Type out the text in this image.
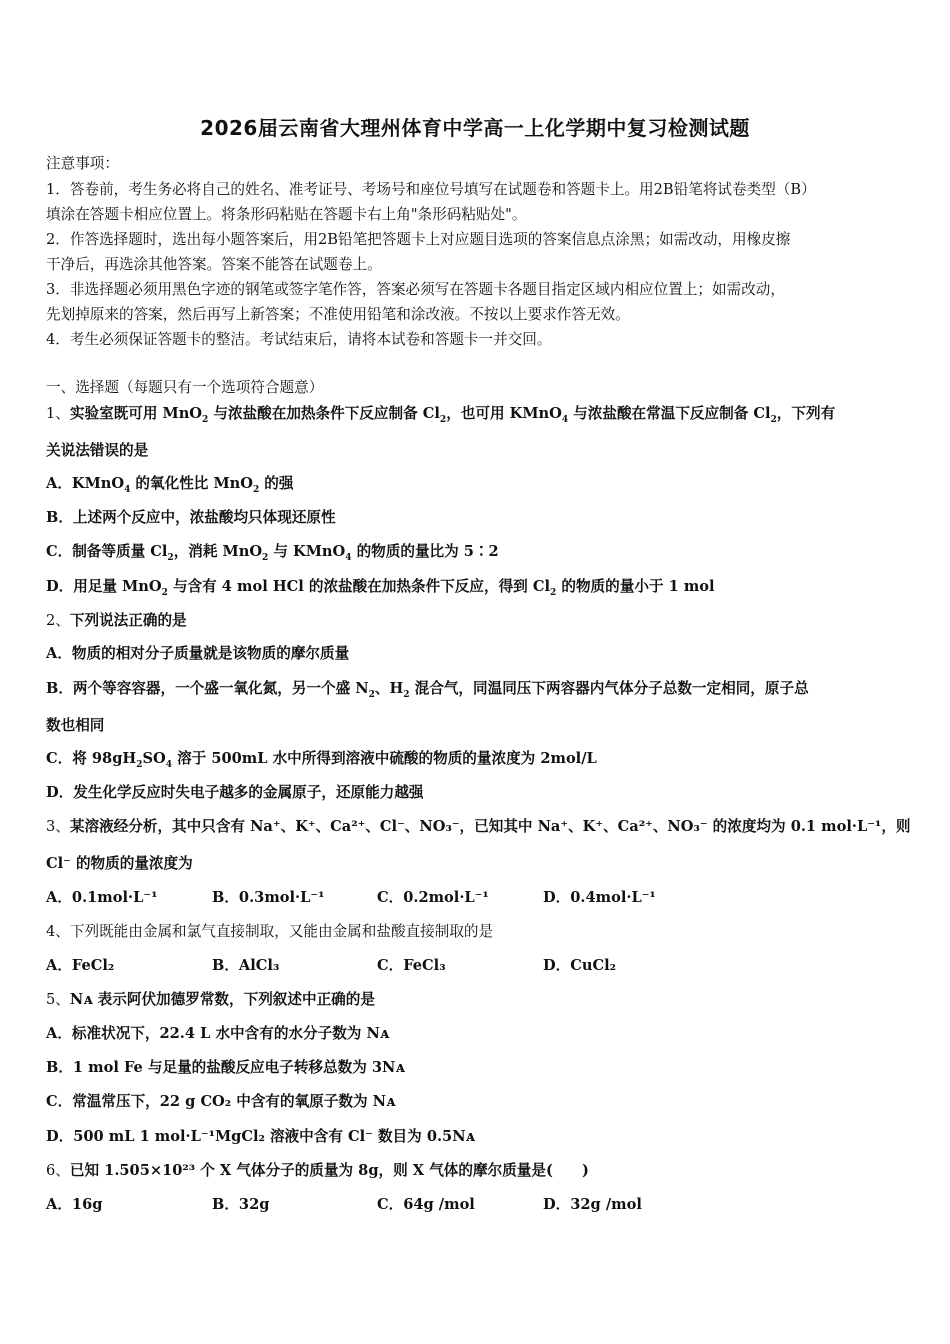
2026届云南省大理州体育中学高一上化学期中复习检测试题
注意事项：
1．答卷前，考生务必将自己的姓名、准考证号、考场号和座位号填写在试题卷和答题卡上。用2B铅笔将试卷类型（B）
填涂在答题卡相应位置上。将条形码粘贴在答题卡右上角"条形码粘贴处"。
2．作答选择题时，选出每小题答案后，用2B铅笔把答题卡上对应题目选项的答案信息点涂黑；如需改动，用橡皮擦
干净后，再选涂其他答案。答案不能答在试题卷上。
3．非选择题必须用黑色字迹的钢笔或签字笔作答，答案必须写在答题卡各题目指定区域内相应位置上；如需改动，
先划掉原来的答案，然后再写上新答案；不准使用铅笔和涂改液。不按以上要求作答无效。
4．考生必须保证答题卡的整洁。考试结束后，请将本试卷和答题卡一并交回。
一、选择题（每题只有一个选项符合题意）
1、实验室既可用 MnO$_2$ 与浓盐酸在加热条件下反应制备 $Cl_2$，也可用 KMnO$_4$ 与浓盐酸在常温下反应制备 $Cl_2$，下列有
关说法错误的是
A．KMnO$_4$ 的氧化性比 MnO$_2$ 的强
B．上述两个反应中，浓盐酸均只体现还原性
C．制备等质量 $Cl_2$，消耗 MnO$_2$ 与 KMnO$_4$ 的物质的量比为 5∶2
D．用足量 MnO$_2$ 与含有 4 mol HCl 的浓盐酸在加热条件下反应，得到 $Cl_2$ 的物质的量小于 1 mol
2、下列说法正确的是
A．物质的相对分子质量就是该物质的摩尔质量
B．两个等容容器，一个盛一氧化氮，另一个盛 $N_2$、$H_2$ 混合气，同温同压下两容器内气体分子总数一定相同，原子总
数也相同
C．将 $98gH_2SO_4$ 溶于 500mL 水中所得到溶液中硫酸的物质的量浓度为 2mol/L
D．发生化学反应时失电子越多的金属原子，还原能力越强
3、某溶液经分析，其中只含有 Na⁺、K⁺、Ca²⁺、Cl⁻、NO₃⁻，已知其中 Na⁺、K⁺、Ca²⁺、NO₃⁻ 的浓度均为 0.1 mol·L⁻¹，则
Cl⁻ 的物质的量浓度为
A．0.1mol·L⁻¹	B．0.3mol·L⁻¹	C．0.2mol·L⁻¹	D．0.4mol·L⁻¹
4、下列既能由金属和氯气直接制取，又能由金属和盐酸直接制取的是
A．FeCl₂	B．AlCl₃	C．FeCl₃	D．CuCl₂
5、Nᴀ 表示阿伏加德罗常数，下列叙述中正确的是
A．标准状况下，22.4 L 水中含有的水分子数为 Nᴀ
B．1 mol Fe 与足量的盐酸反应电子转移总数为 3Nᴀ
C．常温常压下，22 g CO₂ 中含有的氧原子数为 Nᴀ
D．500 mL 1 mol·L⁻¹MgCl₂ 溶液中含有 Cl⁻ 数目为 0.5Nᴀ
6、已知 1.505×10²³ 个 X 气体分子的质量为 8g，则 X 气体的摩尔质量是(　　)
A．16g	B．32g	C．64g /mol	D．32g /mol
